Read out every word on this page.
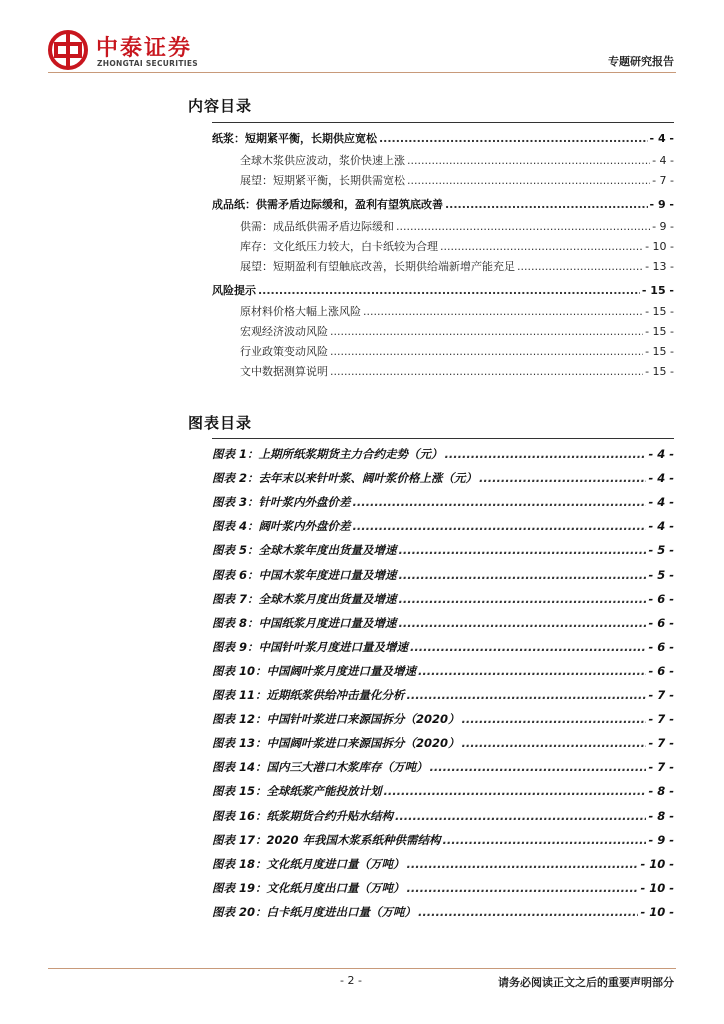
中泰证券
ZHONGTAI SECURITIES	专题研究报告
内容目录
纸浆：短期紧平衡，长期供应宽松 .....	- 4 -
全球木浆供应波动，浆价快速上涨 .....	- 4 -
展望：短期紧平衡，长期供需宽松 .....	- 7 -
成品纸：供需矛盾边际缓和，盈利有望筑底改善 .....	- 9 -
供需：成品纸供需矛盾边际缓和 .....	- 9 -
库存：文化纸压力较大，白卡纸较为合理 .....	- 10 -
展望：短期盈利有望触底改善，长期供给端新增产能充足 .....	- 13 -
风险提示 .....	- 15 -
原材料价格大幅上涨风险 .....	- 15 -
宏观经济波动风险 .....	- 15 -
行业政策变动风险 .....	- 15 -
文中数据测算说明 .....	- 15 -
图表目录
图表 1：上期所纸浆期货主力合约走势（元） .....	- 4 -
图表 2：去年末以来针叶浆、阔叶浆价格上涨（元） .....	- 4 -
图表 3：针叶浆内外盘价差 .....	- 4 -
图表 4：阔叶浆内外盘价差 .....	- 4 -
图表 5：全球木浆年度出货量及增速 .....	- 5 -
图表 6：中国木浆年度进口量及增速 .....	- 5 -
图表 7：全球木浆月度出货量及增速 .....	- 6 -
图表 8：中国纸浆月度进口量及增速 .....	- 6 -
图表 9：中国针叶浆月度进口量及增速 .....	- 6 -
图表 10：中国阔叶浆月度进口量及增速 .....	- 6 -
图表 11：近期纸浆供给冲击量化分析 .....	- 7 -
图表 12：中国针叶浆进口来源国拆分（2020） .....	- 7 -
图表 13：中国阔叶浆进口来源国拆分（2020） .....	- 7 -
图表 14：国内三大港口木浆库存（万吨） .....	- 7 -
图表 15：全球纸浆产能投放计划 .....	- 8 -
图表 16：纸浆期货合约升贴水结构 .....	- 8 -
图表 17：2020 年我国木浆系纸种供需结构 .....	- 9 -
图表 18：文化纸月度进口量（万吨） .....	- 10 -
图表 19：文化纸月度出口量（万吨） .....	- 10 -
图表 20：白卡纸月度进出口量（万吨） .....	- 10 -
- 2 -	请务必阅读正文之后的重要声明部分
